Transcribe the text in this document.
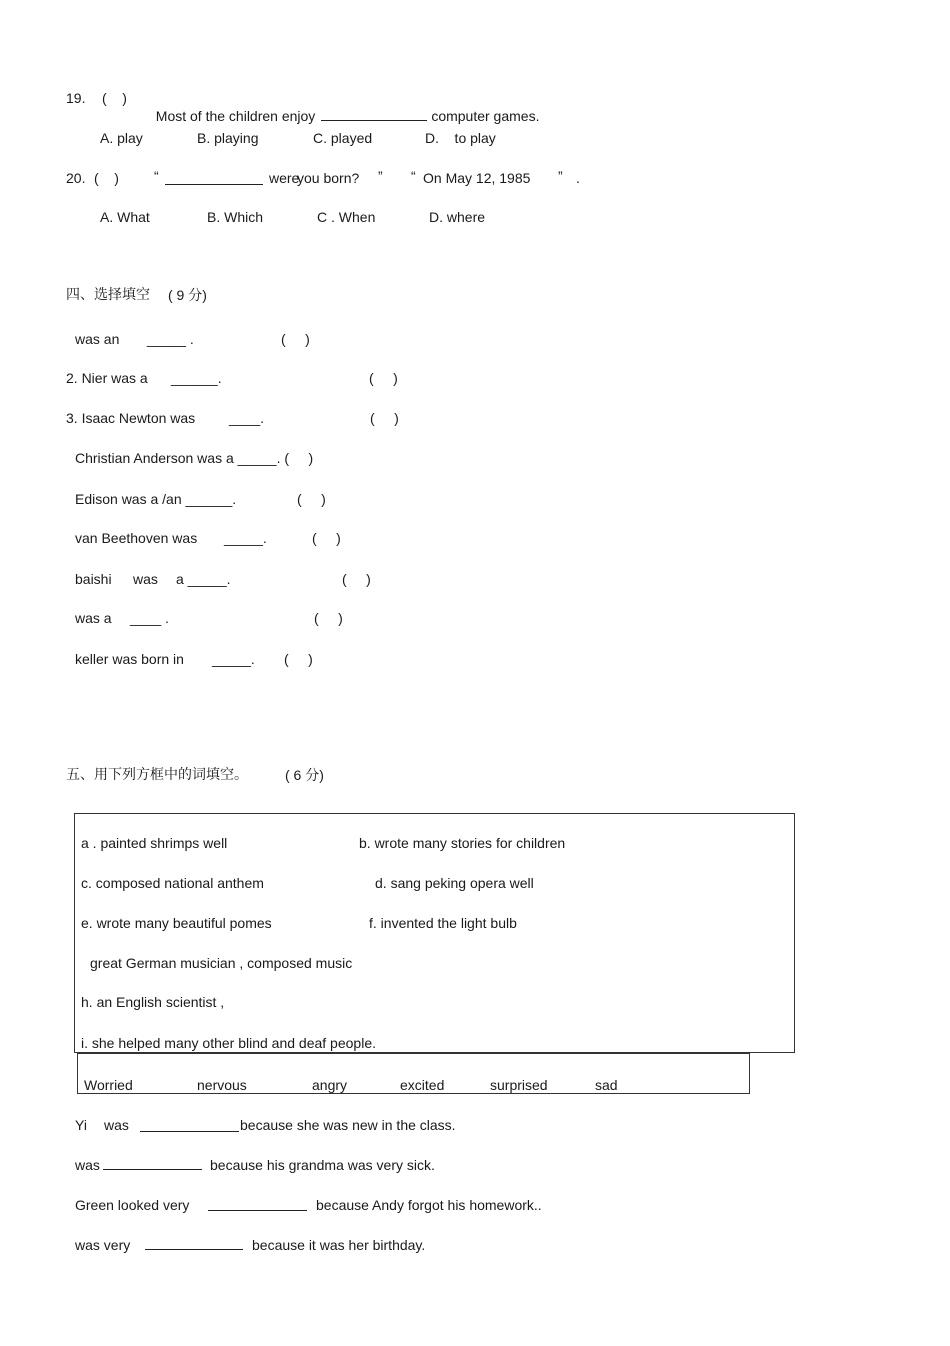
19. (    )

Most of the children enjoy	computer games.

A. play	B. playing	C. played	D.    to play
20. (    )	“	were
you born? ” “ On May 12, 1985 ” .
A. What	B. Which	C . When	D. where
四、选择填空 ( 9 分)
was an _____ .	(     )
2. Nier was a ______.	(     )
3. Isaac Newton was ____.	(     )
Christian Anderson was a _____. (     )
Edison was a /an ______.	(     )
van Beethoven was _____.	(     )
baishi was a _____.	(     )
was a ____ .	(     )
keller was born in _____. (     )
五、用下列方框中的词填空。	( 6 分)
a . painted shrimps well	b. wrote many stories for children
c. composed national anthem	d. sang peking opera well
e. wrote many beautiful pomes	f. invented the light bulb
great German musician , composed music
h. an English scientist ,
i. she helped many other blind and deaf people.
Worried	nervous	angry	excited	surprised	sad
Yi was	because she was new in the class.
was	because his grandma was very sick.
Green looked very	because Andy forgot his homework..
was very	because it was her birthday.
